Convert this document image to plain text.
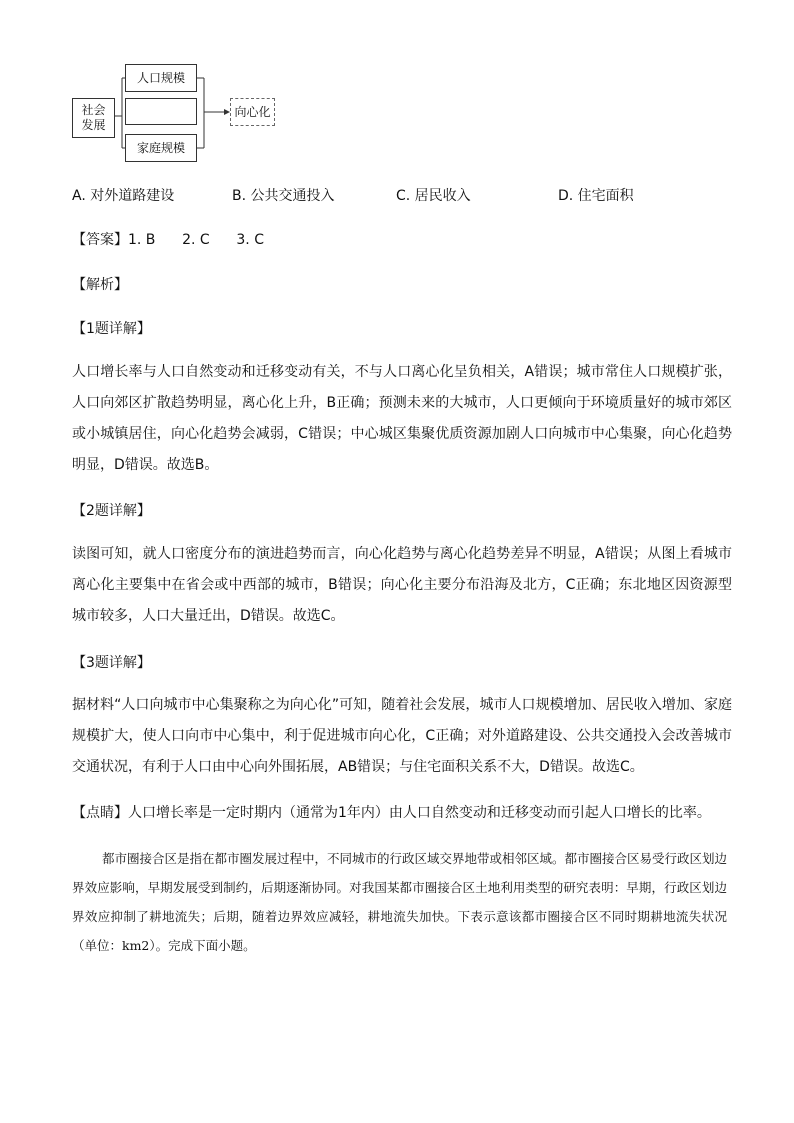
社会
发展
人口规模
家庭规模
向心化
A. 对外道路建设	B. 公共交通投入	C. 居民收入	D. 住宅面积
【答案】1. B      2. C      3. C
【解析】
【1题详解】
人口增长率与人口自然变动和迁移变动有关，不与人口离心化呈负相关，A错误；城市常住人口规模扩张，人口向郊区扩散趋势明显，离心化上升，B正确；预测未来的大城市，人口更倾向于环境质量好的城市郊区或小城镇居住，向心化趋势会减弱，C错误；中心城区集聚优质资源加剧人口向城市中心集聚，向心化趋势明显，D错误。故选B。
【2题详解】
读图可知，就人口密度分布的演进趋势而言，向心化趋势与离心化趋势差异不明显，A错误；从图上看城市离心化主要集中在省会或中西部的城市，B错误；向心化主要分布沿海及北方，C正确；东北地区因资源型城市较多，人口大量迁出，D错误。故选C。
【3题详解】
据材料“人口向城市中心集聚称之为向心化”可知，随着社会发展，城市人口规模增加、居民收入增加、家庭规模扩大，使人口向市中心集中，利于促进城市向心化，C正确；对外道路建设、公共交通投入会改善城市交通状况，有利于人口由中心向外围拓展，AB错误；与住宅面积关系不大，D错误。故选C。
【点睛】人口增长率是一定时期内（通常为1年内）由人口自然变动和迁移变动而引起人口增长的比率。
都市圈接合区是指在都市圈发展过程中，不同城市的行政区域交界地带或相邻区域。都市圈接合区易受行政区划边界效应影响，早期发展受到制约，后期逐渐协同。对我国某都市圈接合区土地利用类型的研究表明：早期，行政区划边界效应抑制了耕地流失；后期，随着边界效应减轻，耕地流失加快。下表示意该都市圈接合区不同时期耕地流失状况（单位：km2）。完成下面小题。
